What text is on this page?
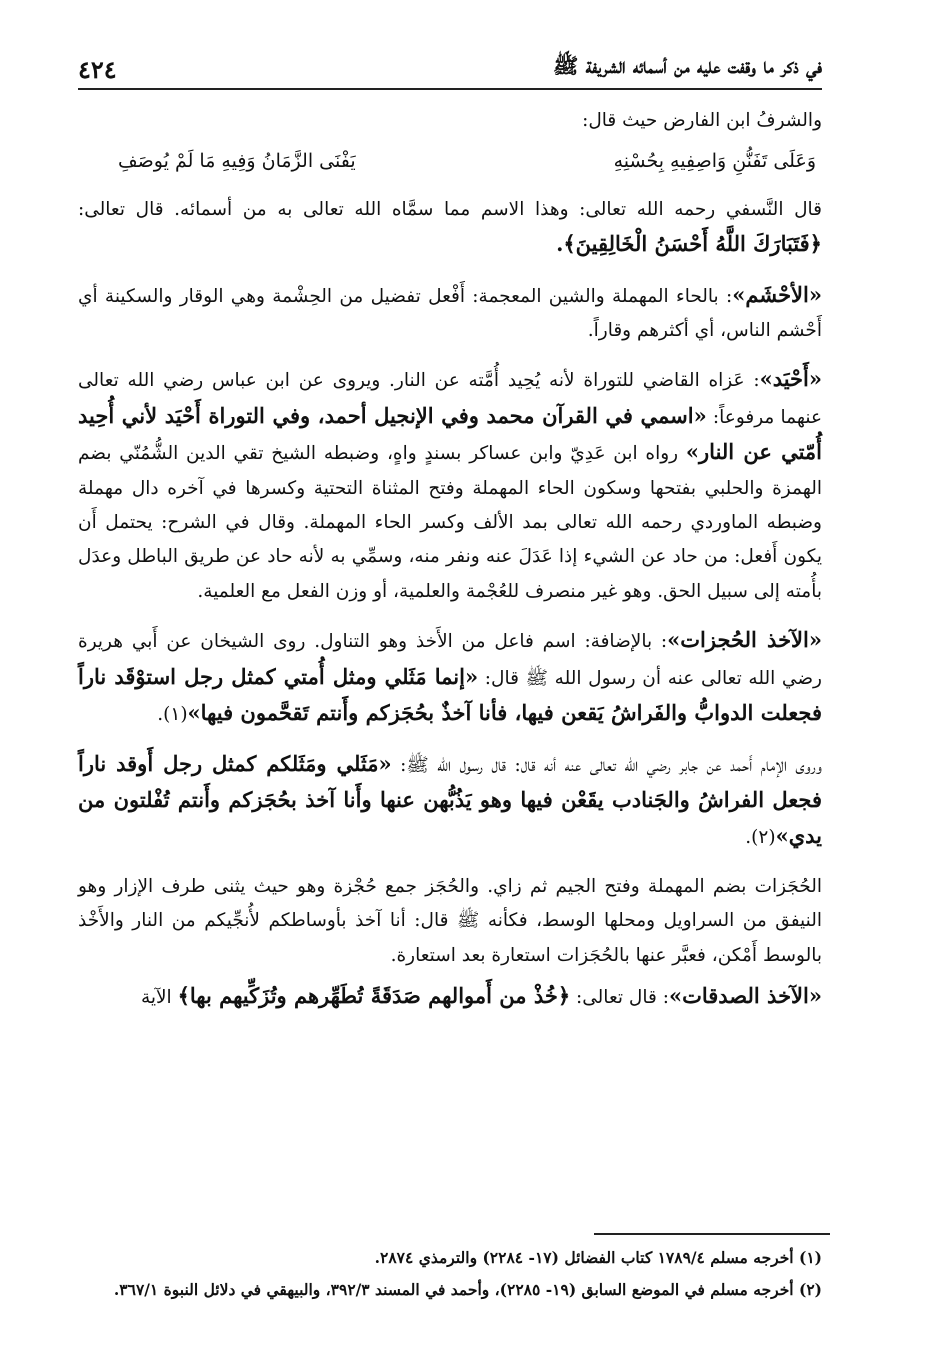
في ذكر ما وقفت عليه من أسمائه الشريفة ﷺ
٤٢٤

والشرفُ ابن الفارض حيث قال:

وَعَلَى تَفَنُّنِ وَاصِفِيهِ بِحُسْنِهِ
يَفْنَى الزَّمَانُ وَفِيهِ مَا لَمْ يُوصَفِ

قال النَّسفي رحمه الله تعالى: وهذا الاسم مما سمَّاه الله تعالى به من أسمائه. قال تعالى: ﴿فَتَبَارَكَ اللَّهُ أَحْسَنُ الْخَالِقِينَ﴾.

«الأحْشَم»: بالحاء المهملة والشين المعجمة: أَفْعل تفضيل من الحِشْمة وهي الوقار والسكينة أي أَحْشم الناس، أي أكثرهم وقاراً.

«أَحْيَد»: عَزاه القاضي للتوراة لأنه يُحِيد أُمَّته عن النار. ويروى عن ابن عباس رضي الله تعالى عنهما مرفوعاً: «اسمي في القرآن محمد وفي الإنجيل أحمد، وفي التوراة أَحْيَد لأني أُحِيد أُمّتي عن النار» رواه ابن عَدِيّ وابن عساكر بسندٍ واهٍ، وضبطه الشيخ تقي الدين الشُّمُنّي بضم الهمزة والحلبي بفتحها وسكون الحاء المهملة وفتح المثناة التحتية وكسرها في آخره دال مهملة وضبطه الماوردي رحمه الله تعالى بمد الألف وكسر الحاء المهملة. وقال في الشرح: يحتمل أَن يكون أَفعل: من حاد عن الشيء إذا عَدَلَ عنه ونفر منه، وسمِّي به لأنه حاد عن طريق الباطل وعدَل بأُمته إلى سبيل الحق. وهو غير منصرف للعُجْمة والعلمية، أو وزن الفعل مع العلمية.

«الآخذ الحُجزات»: بالإضافة: اسم فاعل من الأَخذ وهو التناول. روى الشيخان عن أَبي هريرة رضي الله تعالى عنه أن رسول الله ﷺ قال: «إنما مَثَلي ومثل أُمتي كمثل رجل استوْقَد ناراً فجعلت الدوابُّ والفَراشُ يَقعن فيها، فأنا آخذٌ بحُجَزكم وأَنتم تَقحَّمون فيها»(١).

وروى الإمام أَحمد عن جابر رضي الله تعالى عنه أنه قال: قال رسول الله ﷺ: «مَثَلي ومَثَلكم كمثل رجل أَوقد ناراً فجعل الفراشُ والجَنادب يقَعْن فيها وهو يَذُبُّهن عنها وأَنا آخذ بحُجَزكم وأَنتم تُفْلتون من يدي»(٢).

الحُجَزات بضم المهملة وفتح الجيم ثم زاي. والحُجَز جمع حُجْزة وهو حيث يثنى طرف الإزار وهو النيفق من السراويل ومحلها الوسط، فكأنه ﷺ قال: أنا آخذ بأوساطكم لأُنجِّيكم من النار والأَخْذ بالوسط أَمْكن، فعبَّر عنها بالحُجَزات استعارة بعد استعارة.

«الآخذ الصدقات»: قال تعالى: ﴿خُذْ من أَموالهم صَدَقَةً تُطَهِّرهم وتُزَكِّيهم بها﴾ الآية

(١) أخرجه مسلم ١٧٨٩/٤ كتاب الفضائل (١٧- ٢٢٨٤) والترمذي ٢٨٧٤.
(٢) أخرجه مسلم في الموضع السابق (١٩- ٢٢٨٥)، وأحمد في المسند ٣٩٢/٣، والبيهقي في دلائل النبوة ٣٦٧/١.
